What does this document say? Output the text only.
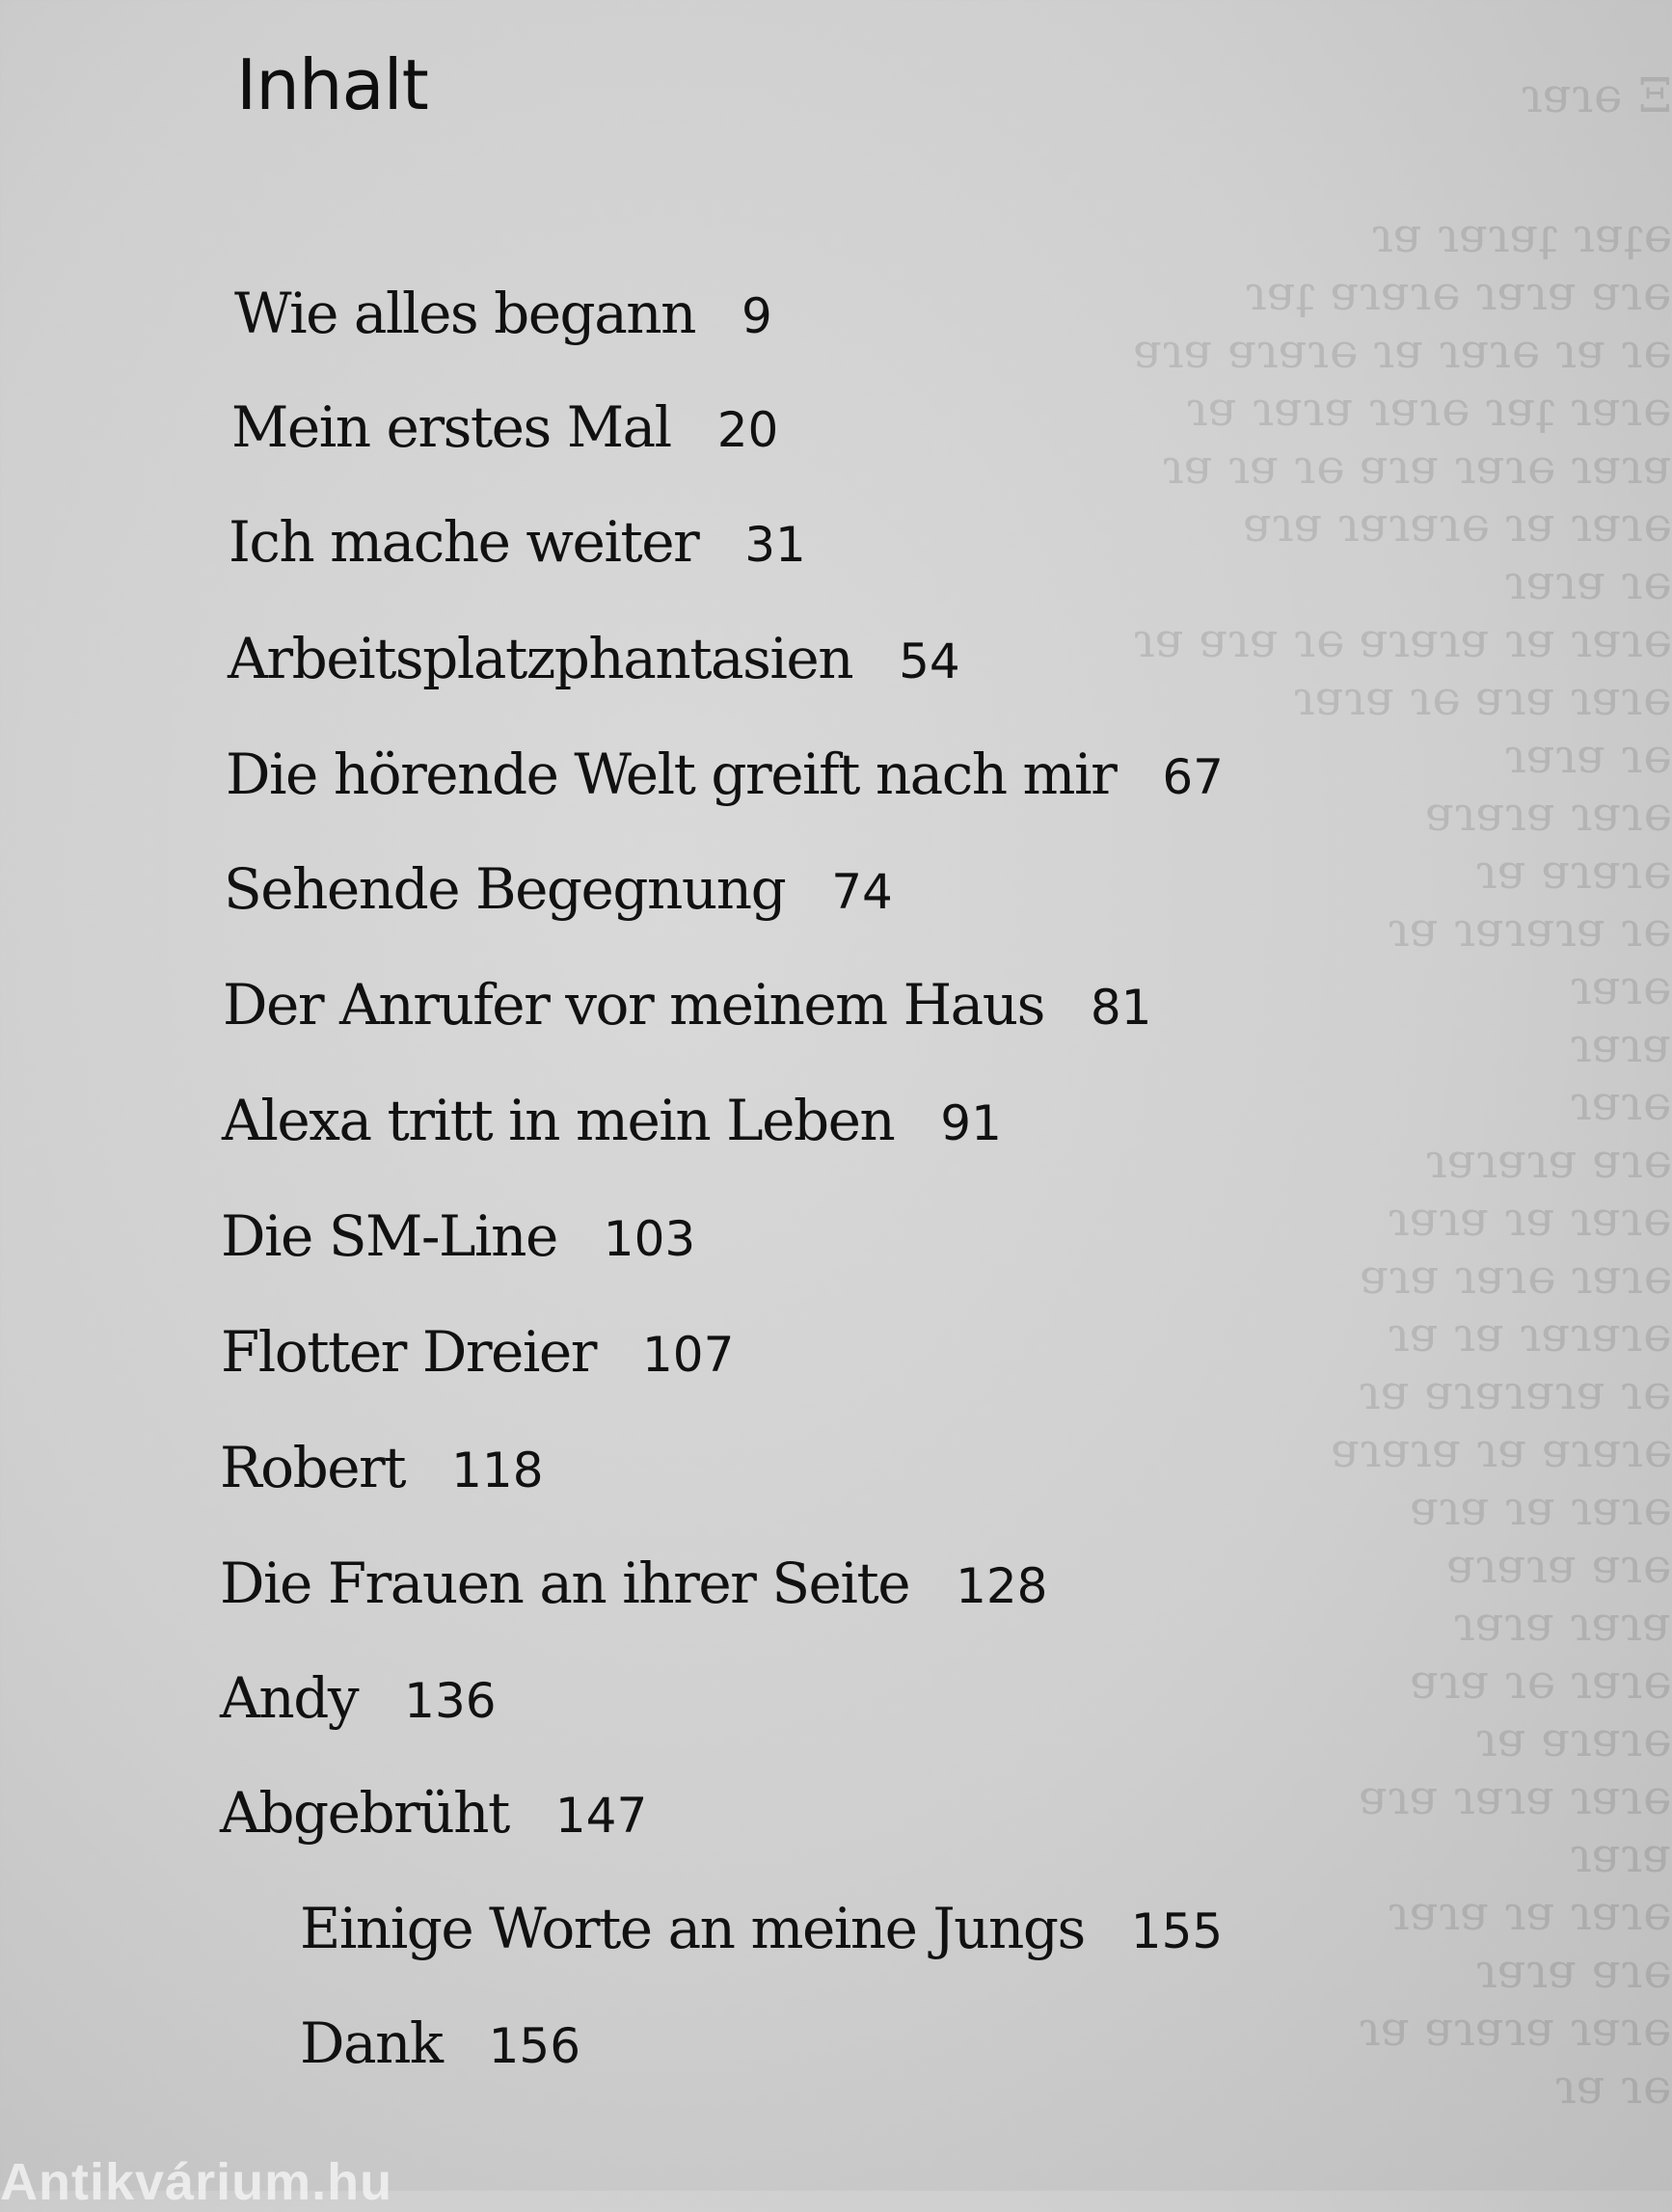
Ξ ǝɾɐɾ
ǝʇɐɾ ʇɐɾɐɾ ɐɾ
ǝɾɐ ɐɾɐɾ ǝɾɐɾɐ ʇɐɾ
ǝɾ ɐɾ ǝɾɐɾ ɐɾ ǝɾɐɾɐ ɐɾɐ
ǝɾɐɾ ʇɐɾ ǝɾɐɾ ɐɾɐɾ ɐɾ
ɐɾɐɾ ǝɾɐɾ ɐɾɐ ǝɾ ɐɾ ɐɾ
ǝɾɐɾ ɐɾ ǝɾɐɾɐɾ ɐɾɐ
ǝɾ ɐɾɐɾ
ǝɾɐɾ ɐɾ ɐɾɐɾɐ ǝɾ ɐɾɐ ɐɾ
ǝɾɐɾ ɐɾɐ ǝɾ ɐɾɐɾ
ǝɾ ɐɾɐɾ
ǝɾɐɾ ɐɾɐɾɐ
ǝɾɐɾɐ ɐɾ
ǝɾ ɐɾɐɾɐɾ ɐɾ
ǝɾɐɾ
ɐɾɐɾ
ǝɾɐɾ
ǝɾɐ ɐɾɐɾɐɾ
ǝɾɐɾ ɐɾ ɐɾɐɾ
ǝɾɐɾ ǝɾɐɾ ɐɾɐ
ǝɾɐɾɐɾ ɐɾ ɐɾ
ǝɾ ɐɾɐɾɐɾɐ ɐɾ
ǝɾɐɾɐ ɐɾ ɐɾɐɾɐ
ǝɾɐɾ ɐɾ ɐɾɐ
ǝɾɐ ɐɾɐɾɐ
ɐɾɐɾ ɐɾɐɾ
ǝɾɐɾ ǝɾ ɐɾɐ
ǝɾɐɾɐ ɐɾ
ǝɾɐɾ ɐɾɐɾ ɐɾɐ
ɐɾɐɾ
ǝɾɐɾ ɐɾ ɐɾɐɾ
ǝɾɐ ɐɾɐɾ
ǝɾɐɾ ɐɾɐɾɐ ɐɾ
ǝɾ ɐɾ
Inhalt
Wie alles begann 9
Mein erstes Mal 20
Ich mache weiter 31
Arbeitsplatzphantasien 54
Die hörende Welt greift nach mir 67
Sehende Begegnung 74
Der Anrufer vor meinem Haus 81
Alexa tritt in mein Leben 91
Die SM-Line 103
Flotter Dreier 107
Robert 118
Die Frauen an ihrer Seite 128
Andy 136
Abgebrüht 147
Einige Worte an meine Jungs 155
Dank 156
Antikvárium.hu
